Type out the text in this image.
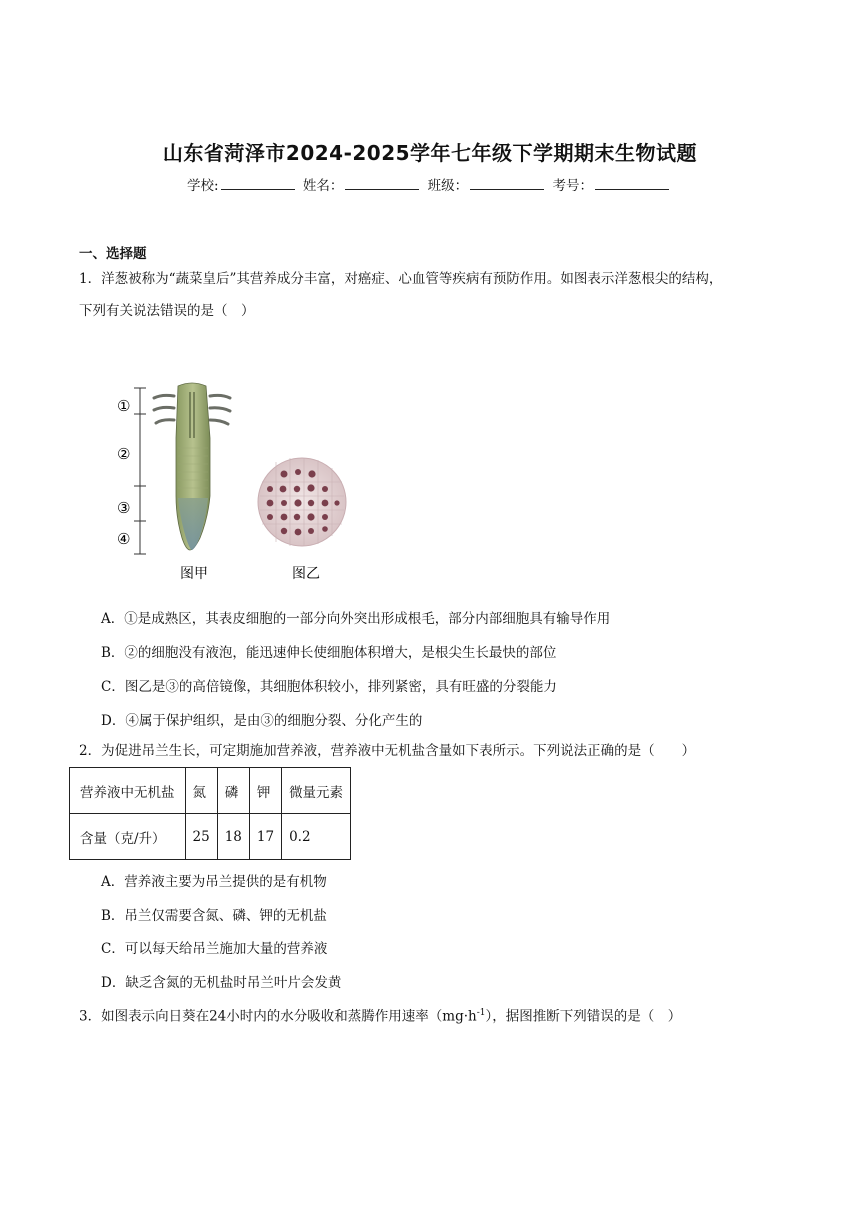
山东省菏泽市2024-2025学年七年级下学期期末生物试题
学校:	姓名：	班级：	考号：
一、选择题
1．洋葱被称为“蔬菜皇后”其营养成分丰富，对癌症、心血管等疾病有预防作用。如图表示洋葱根尖的结构，
下列有关说法错误的是（　）
①
②
③
④
图甲	图乙
A．①是成熟区，其表皮细胞的一部分向外突出形成根毛，部分内部细胞具有输导作用
B．②的细胞没有液泡，能迅速伸长使细胞体积增大，是根尖生长最快的部位
C．图乙是③的高倍镜像，其细胞体积较小，排列紧密，具有旺盛的分裂能力
D．④属于保护组织，是由③的细胞分裂、分化产生的
2．为促进吊兰生长，可定期施加营养液，营养液中无机盐含量如下表所示。下列说法正确的是（　　）
营养液中无机盐	氮	磷	钾	微量元素
含量（克/升）	25	18	17	0.2
A．营养液主要为吊兰提供的是有机物
B．吊兰仅需要含氮、磷、钾的无机盐
C．可以每天给吊兰施加大量的营养液
D．缺乏含氮的无机盐时吊兰叶片会发黄
3．如图表示向日葵在24小时内的水分吸收和蒸腾作用速率$(mg\cdot h^{-1})$，据图推断下列错误的是（　）
